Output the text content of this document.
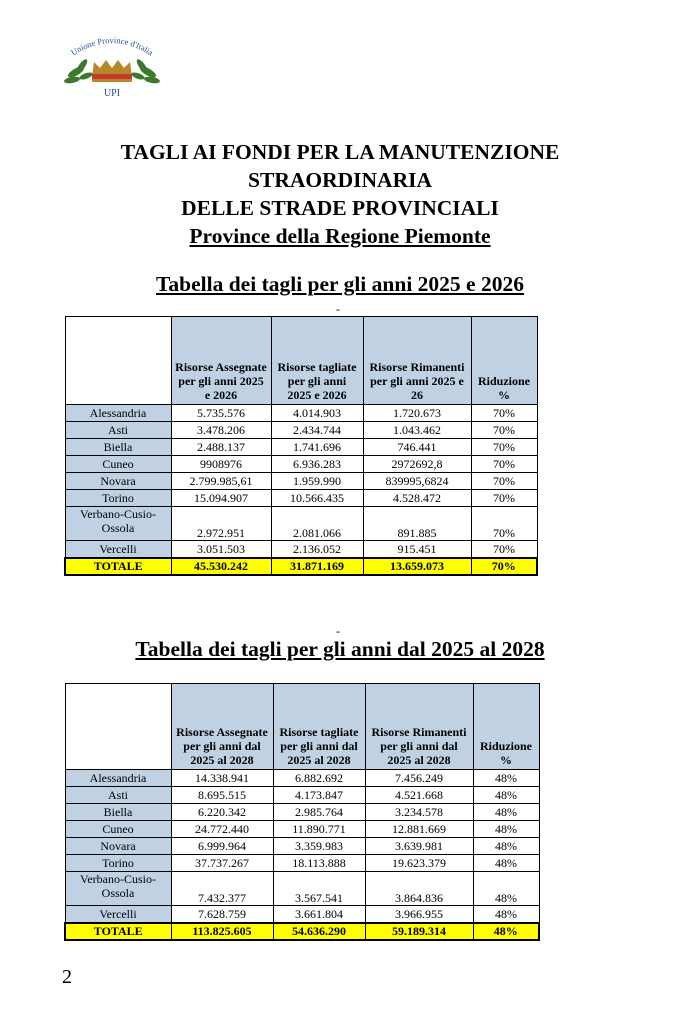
Unione Province d'Italia
UPI
TAGLI AI FONDI PER LA MANUTENZIONE
STRAORDINARIA
DELLE STRADE PROVINCIALI
Province della Regione Piemonte
Tabella dei tagli per gli anni 2025 e 2026
-
	Risorse Assegnate per gli anni 2025 e 2026	Risorse tagliate per gli anni 2025 e 2026	Risorse Rimanenti per gli anni 2025 e 26	Riduzione %
Alessandria	5.735.576	4.014.903	1.720.673	70%
Asti	3.478.206	2.434.744	1.043.462	70%
Biella	2.488.137	1.741.696	746.441	70%
Cuneo	9908976	6.936.283	2972692,8	70%
Novara	2.799.985,61	1.959.990	839995,6824	70%
Torino	15.094.907	10.566.435	4.528.472	70%
Verbano-Cusio-Ossola	2.972.951	2.081.066	891.885	70%
Vercelli	3.051.503	2.136.052	915.451	70%
TOTALE	45.530.242	31.871.169	13.659.073	70%
-
Tabella dei tagli per gli anni dal 2025 al 2028
	Risorse Assegnate per gli anni dal 2025 al 2028	Risorse tagliate per gli anni dal 2025 al 2028	Risorse Rimanenti per gli anni dal 2025 al 2028	Riduzione %
Alessandria	14.338.941	6.882.692	7.456.249	48%
Asti	8.695.515	4.173.847	4.521.668	48%
Biella	6.220.342	2.985.764	3.234.578	48%
Cuneo	24.772.440	11.890.771	12.881.669	48%
Novara	6.999.964	3.359.983	3.639.981	48%
Torino	37.737.267	18.113.888	19.623.379	48%
Verbano-Cusio-Ossola	7.432.377	3.567.541	3.864.836	48%
Vercelli	7.628.759	3.661.804	3.966.955	48%
TOTALE	113.825.605	54.636.290	59.189.314	48%
2
